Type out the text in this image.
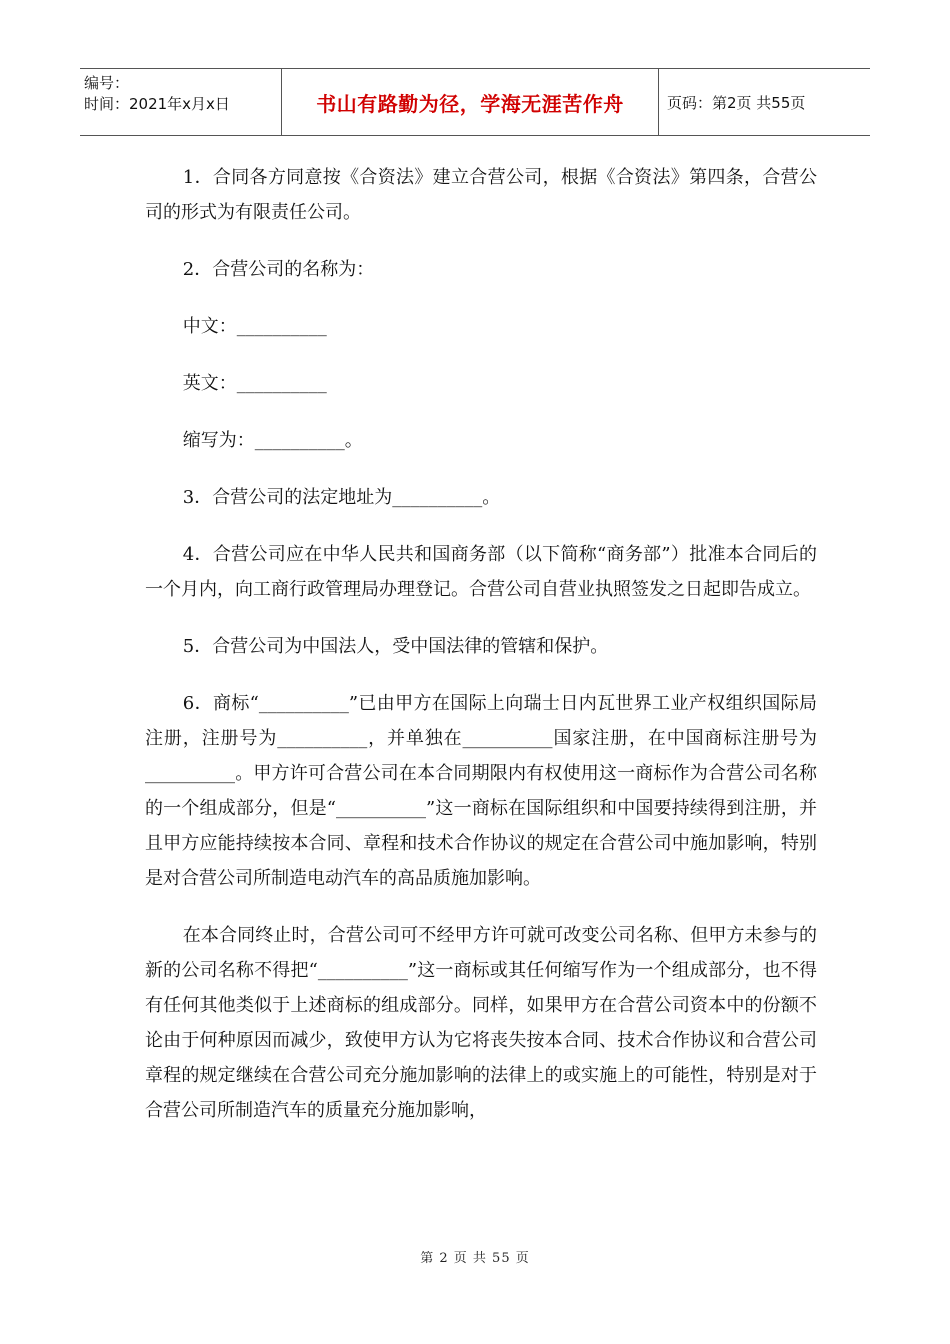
编号：
时间：2021年x月x日	书山有路勤为径，学海无涯苦作舟	页码：第2页 共55页

1．合同各方同意按《合资法》建立合营公司，根据《合资法》第四条，合营公司的形式为有限责任公司。

2．合营公司的名称为：

中文：__________

英文：__________

缩写为：__________。

3．合营公司的法定地址为__________。

4．合营公司应在中华人民共和国商务部（以下简称“商务部”）批准本合同后的一个月内，向工商行政管理局办理登记。合营公司自营业执照签发之日起即告成立。

5．合营公司为中国法人，受中国法律的管辖和保护。

6．商标“__________”已由甲方在国际上向瑞士日内瓦世界工业产权组织国际局注册，注册号为__________，并单独在__________国家注册，在中国商标注册号为__________。甲方许可合营公司在本合同期限内有权使用这一商标作为合营公司名称的一个组成部分，但是“__________”这一商标在国际组织和中国要持续得到注册，并且甲方应能持续按本合同、章程和技术合作协议的规定在合营公司中施加影响，特别是对合营公司所制造电动汽车的高品质施加影响。

在本合同终止时，合营公司可不经甲方许可就可改变公司名称、但甲方未参与的新的公司名称不得把“__________”这一商标或其任何缩写作为一个组成部分，也不得有任何其他类似于上述商标的组成部分。同样，如果甲方在合营公司资本中的份额不论由于何种原因而减少，致使甲方认为它将丧失按本合同、技术合作协议和合营公司章程的规定继续在合营公司充分施加影响的法律上的或实施上的可能性，特别是对于合营公司所制造汽车的质量充分施加影响，

第 2 页 共 55 页
